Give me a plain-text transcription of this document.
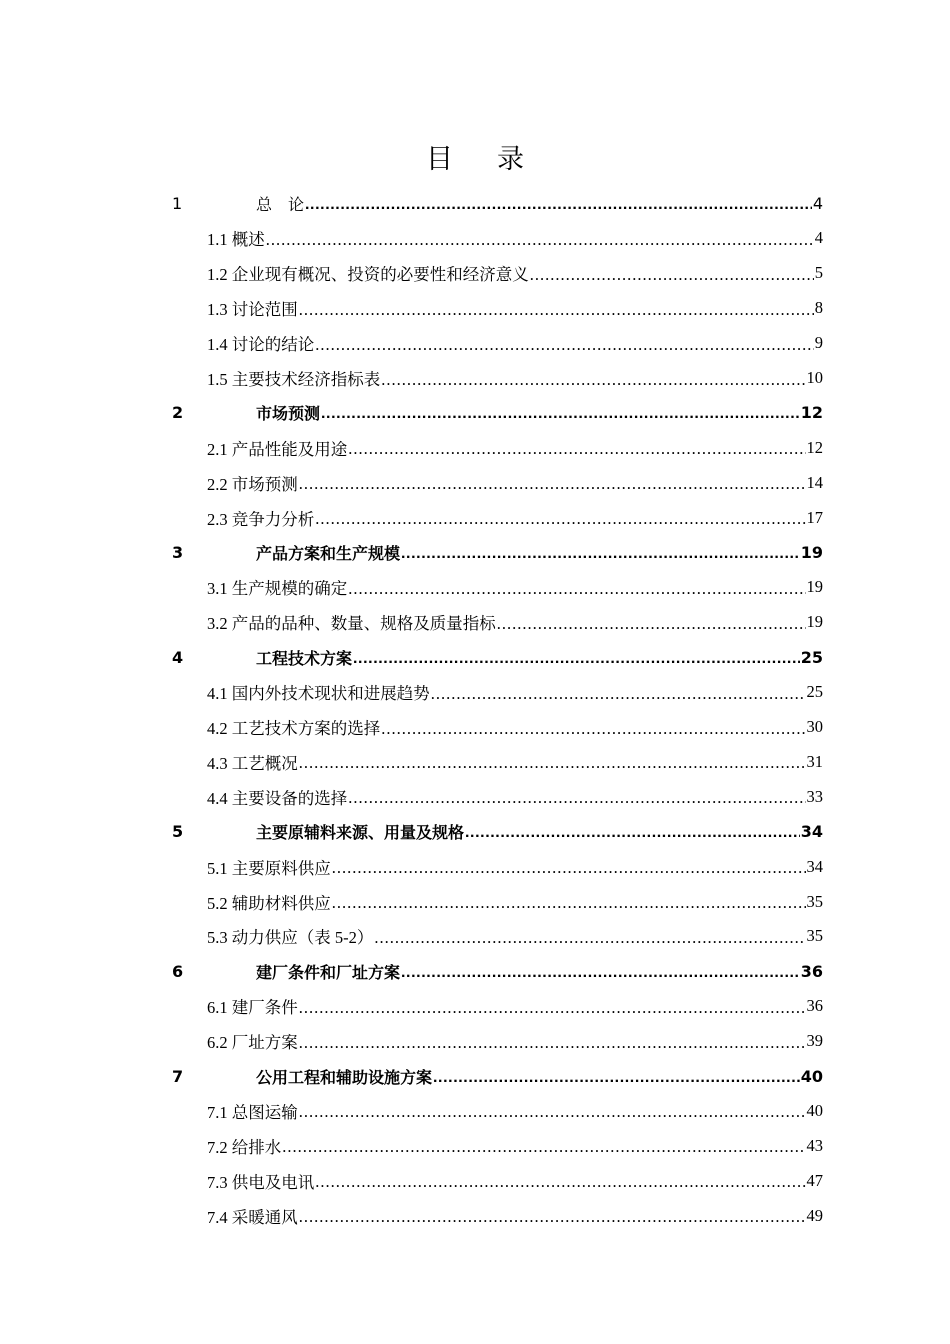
目 录
1	总　论 .....	4
1.1 概述 .....	4
1.2 企业现有概况、投资的必要性和经济意义 .....	5
1.3 讨论范围 .....	8
1.4 讨论的结论 .....	9
1.5 主要技术经济指标表 .....	10
2	市场预测 .....	12
2.1 产品性能及用途 .....	12
2.2 市场预测 .....	14
2.3 竞争力分析 .....	17
3	产品方案和生产规模 .....	19
3.1 生产规模的确定 .....	19
3.2 产品的品种、数量、规格及质量指标 .....	19
4	工程技术方案 .....	25
4.1 国内外技术现状和进展趋势 .....	25
4.2 工艺技术方案的选择 .....	30
4.3 工艺概况 .....	31
4.4 主要设备的选择 .....	33
5	主要原辅料来源、用量及规格 .....	34
5.1 主要原料供应 .....	34
5.2 辅助材料供应 .....	35
5.3 动力供应（表 5-2） .....	35
6	建厂条件和厂址方案 .....	36
6.1 建厂条件 .....	36
6.2 厂址方案 .....	39
7	公用工程和辅助设施方案 .....	40
7.1 总图运输 .....	40
7.2 给排水 .....	43
7.3 供电及电讯 .....	47
7.4 采暖通风 .....	49
